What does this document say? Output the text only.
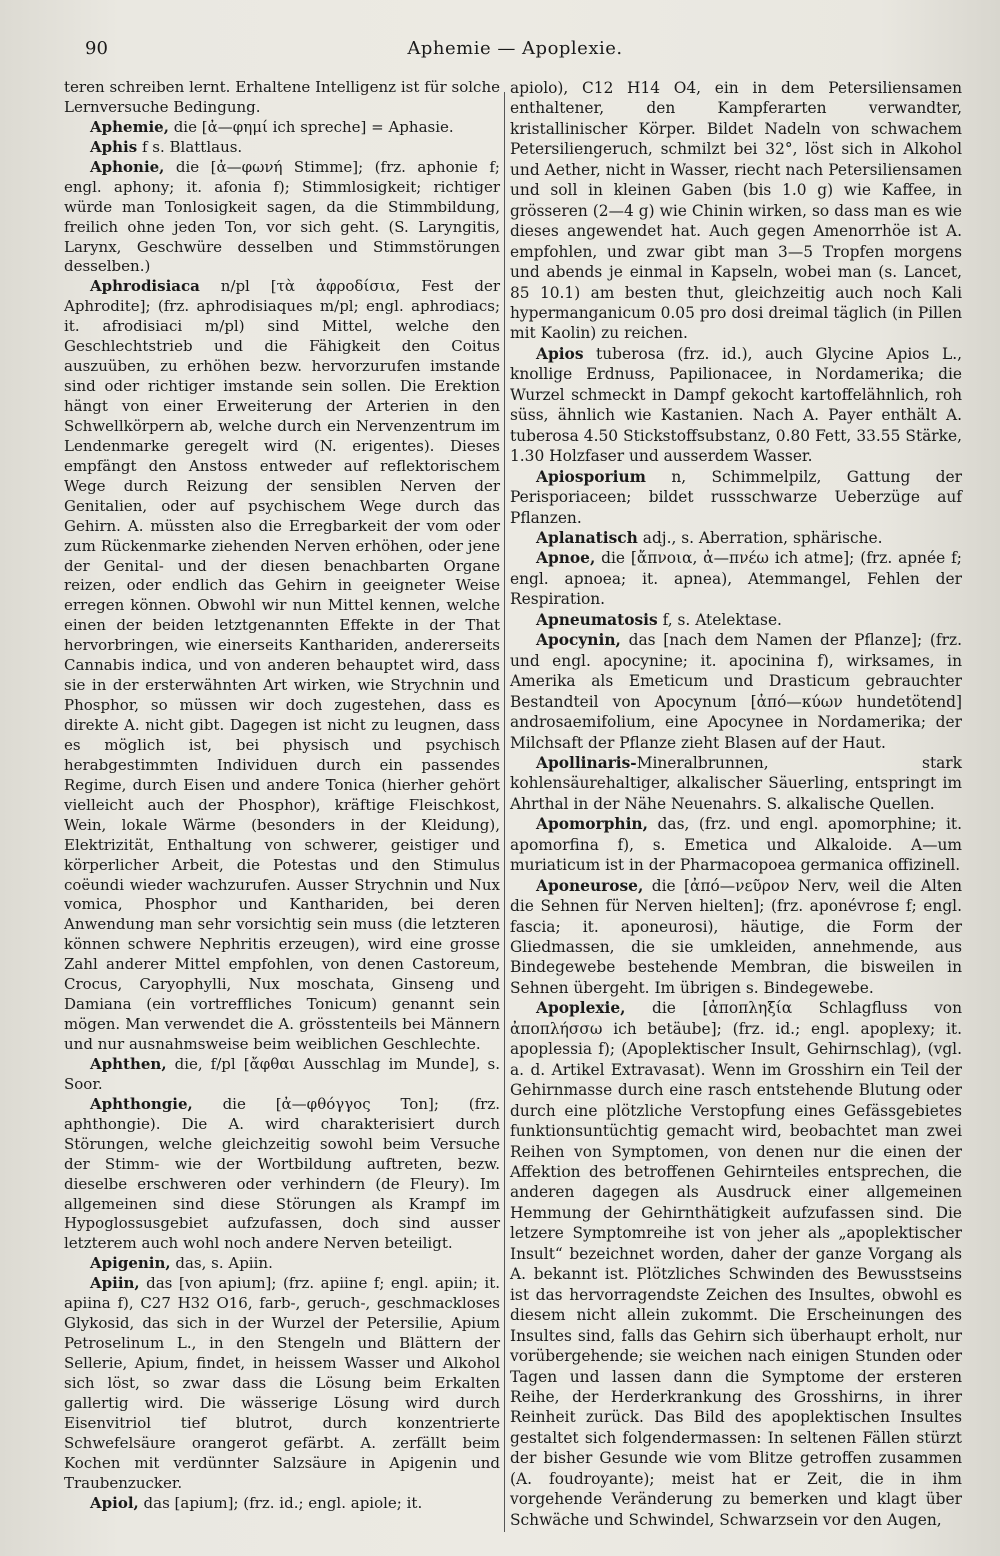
90	Aphemie — Apoplexie.

teren schreiben lernt. Erhaltene Intelligenz ist für solche Lernversuche Bedingung.

Aphemie, die [ἀ—φημί ich spreche] = Aphasie.

Aphis f s. Blattlaus.

Aphonie, die [ἀ—φωνή Stimme]; (frz. aphonie f; engl. aphony; it. afonia f); Stimmlosigkeit; richtiger würde man Tonlosigkeit sagen, da die Stimmbildung, freilich ohne jeden Ton, vor sich geht. (S. Laryngitis, Larynx, Geschwüre desselben und Stimmstörungen desselben.)

Aphrodisiaca n/pl [τὰ ἀφροδίσια, Fest der Aphrodite]; (frz. aphrodisiaques m/pl; engl. aphrodiacs; it. afrodisiaci m/pl) sind Mittel, welche den Geschlechtstrieb und die Fähigkeit den Coitus auszuüben, zu erhöhen bezw. hervorzurufen imstande sind oder richtiger imstande sein sollen. Die Erektion hängt von einer Erweiterung der Arterien in den Schwellkörpern ab, welche durch ein Nervenzentrum im Lendenmarke geregelt wird (N. erigentes). Dieses empfängt den Anstoss entweder auf reflektorischem Wege durch Reizung der sensiblen Nerven der Genitalien, oder auf psychischem Wege durch das Gehirn. A. müssten also die Erregbarkeit der vom oder zum Rückenmarke ziehenden Nerven erhöhen, oder jene der Genital- und der diesen benachbarten Organe reizen, oder endlich das Gehirn in geeigneter Weise erregen können. Obwohl wir nun Mittel kennen, welche einen der beiden letztgenannten Effekte in der That hervorbringen, wie einerseits Kanthariden, andererseits Cannabis indica, und von anderen behauptet wird, dass sie in der ersterwähnten Art wirken, wie Strychnin und Phosphor, so müssen wir doch zugestehen, dass es direkte A. nicht gibt. Dagegen ist nicht zu leugnen, dass es möglich ist, bei physisch und psychisch herabgestimmten Individuen durch ein passendes Regime, durch Eisen und andere Tonica (hierher gehört vielleicht auch der Phosphor), kräftige Fleischkost, Wein, lokale Wärme (besonders in der Kleidung), Elektrizität, Enthaltung von schwerer, geistiger und körperlicher Arbeit, die Potestas und den Stimulus coëundi wieder wachzurufen. Ausser Strychnin und Nux vomica, Phosphor und Kanthariden, bei deren Anwendung man sehr vorsichtig sein muss (die letzteren können schwere Nephritis erzeugen), wird eine grosse Zahl anderer Mittel empfohlen, von denen Castoreum, Crocus, Caryophylli, Nux moschata, Ginseng und Damiana (ein vortreffliches Tonicum) genannt sein mögen. Man verwendet die A. grösstenteils bei Männern und nur ausnahmsweise beim weiblichen Geschlechte.

Aphthen, die, f/pl [ἄφθαι Ausschlag im Munde], s. Soor.

Aphthongie, die [ἀ—φθόγγος Ton]; (frz. aphthongie). Die A. wird charakterisiert durch Störungen, welche gleichzeitig sowohl beim Versuche der Stimm- wie der Wortbildung auftreten, bezw. dieselbe erschweren oder verhindern (de Fleury). Im allgemeinen sind diese Störungen als Krampf im Hypoglossusgebiet aufzufassen, doch sind ausser letzterem auch wohl noch andere Nerven beteiligt.

Apigenin, das, s. Apiin.

Apiin, das [von apium]; (frz. apiine f; engl. apiin; it. apiina f), C27 H32 O16, farb-, geruch-, geschmackloses Glykosid, das sich in der Wurzel der Petersilie, Apium Petroselinum L., in den Stengeln und Blättern der Sellerie, Apium, findet, in heissem Wasser und Alkohol sich löst, so zwar dass die Lösung beim Erkalten gallertig wird. Die wässerige Lösung wird durch Eisenvitriol tief blutrot, durch konzentrierte Schwefelsäure orangerot gefärbt. A. zerfällt beim Kochen mit verdünnter Salzsäure in Apigenin und Traubenzucker.

Apiol, das [apium]; (frz. id.; engl. apiole; it.

apiolo), C12 H14 O4, ein in dem Petersiliensamen enthaltener, den Kampferarten verwandter, kristallinischer Körper. Bildet Nadeln von schwachem Petersiliengeruch, schmilzt bei 32°, löst sich in Alkohol und Aether, nicht in Wasser, riecht nach Petersiliensamen und soll in kleinen Gaben (bis 1.0 g) wie Kaffee, in grösseren (2—4 g) wie Chinin wirken, so dass man es wie dieses angewendet hat. Auch gegen Amenorrhöe ist A. empfohlen, und zwar gibt man 3—5 Tropfen morgens und abends je einmal in Kapseln, wobei man (s. Lancet, 85 10.1) am besten thut, gleichzeitig auch noch Kali hypermanganicum 0.05 pro dosi dreimal täglich (in Pillen mit Kaolin) zu reichen.

Apios tuberosa (frz. id.), auch Glycine Apios L., knollige Erdnuss, Papilionacee, in Nordamerika; die Wurzel schmeckt in Dampf gekocht kartoffelähnlich, roh süss, ähnlich wie Kastanien. Nach A. Payer enthält A. tuberosa 4.50 Stickstoffsubstanz, 0.80 Fett, 33.55 Stärke, 1.30 Holzfaser und ausserdem Wasser.

Apiosporium n, Schimmelpilz, Gattung der Perisporiaceen; bildet russschwarze Ueberzüge auf Pflanzen.

Aplanatisch adj., s. Aberration, sphärische.

Apnoe, die [ἄπνοια, ἀ—πνέω ich atme]; (frz. apnée f; engl. apnoea; it. apnea), Atemmangel, Fehlen der Respiration.

Apneumatosis f, s. Atelektase.

Apocynin, das [nach dem Namen der Pflanze]; (frz. und engl. apocynine; it. apocinina f), wirksames, in Amerika als Emeticum und Drasticum gebrauchter Bestandteil von Apocynum [ἀπό—κύων hundetötend] androsaemifolium, eine Apocynee in Nordamerika; der Milchsaft der Pflanze zieht Blasen auf der Haut.

Apollinaris-Mineralbrunnen, stark kohlensäurehaltiger, alkalischer Säuerling, entspringt im Ahrthal in der Nähe Neuenahrs. S. alkalische Quellen.

Apomorphin, das, (frz. und engl. apomorphine; it. apomorfina f), s. Emetica und Alkaloide. A—um muriaticum ist in der Pharmacopoea germanica offizinell.

Aponeurose, die [ἀπό—νεῦρον Nerv, weil die Alten die Sehnen für Nerven hielten]; (frz. aponévrose f; engl. fascia; it. aponeurosi), häutige, die Form der Gliedmassen, die sie umkleiden, annehmende, aus Bindegewebe bestehende Membran, die bisweilen in Sehnen übergeht. Im übrigen s. Bindegewebe.

Apoplexie, die [ἀποπληξία Schlagfluss von ἀποπλήσσω ich betäube]; (frz. id.; engl. apoplexy; it. apoplessia f); (Apoplektischer Insult, Gehirnschlag), (vgl. a. d. Artikel Extravasat). Wenn im Grosshirn ein Teil der Gehirnmasse durch eine rasch entstehende Blutung oder durch eine plötzliche Verstopfung eines Gefässgebietes funktionsuntüchtig gemacht wird, beobachtet man zwei Reihen von Symptomen, von denen nur die einen der Affektion des betroffenen Gehirnteiles entsprechen, die anderen dagegen als Ausdruck einer allgemeinen Hemmung der Gehirnthätigkeit aufzufassen sind. Die letzere Symptomreihe ist von jeher als „apoplektischer Insult“ bezeichnet worden, daher der ganze Vorgang als A. bekannt ist. Plötzliches Schwinden des Bewusstseins ist das hervorragendste Zeichen des Insultes, obwohl es diesem nicht allein zukommt. Die Erscheinungen des Insultes sind, falls das Gehirn sich überhaupt erholt, nur vorübergehende; sie weichen nach einigen Stunden oder Tagen und lassen dann die Symptome der ersteren Reihe, der Herderkrankung des Grosshirns, in ihrer Reinheit zurück. Das Bild des apoplektischen Insultes gestaltet sich folgendermassen: In seltenen Fällen stürzt der bisher Gesunde wie vom Blitze getroffen zusammen (A. foudroyante); meist hat er Zeit, die in ihm vorgehende Veränderung zu bemerken und klagt über Schwäche und Schwindel, Schwarzsein vor den Augen,
